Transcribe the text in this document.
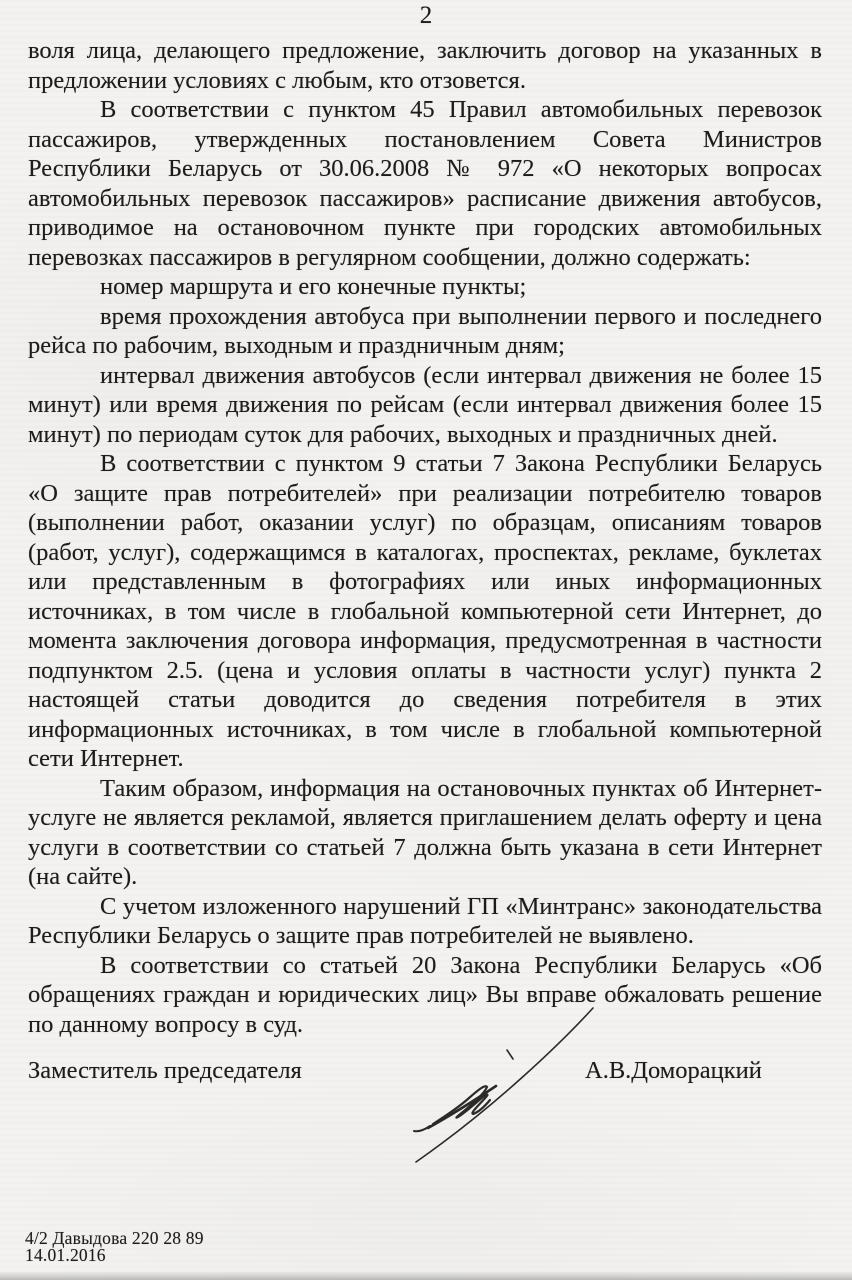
2

воля лица, делающего предложение, заключить договор на указанных в предложении условиях с любым, кто отзовется.

В соответствии с пунктом 45 Правил автомобильных перевозок пассажиров, утвержденных постановлением Совета Министров Республики Беларусь от 30.06.2008 № 972 «О некоторых вопросах автомобильных перевозок пассажиров» расписание движения автобусов, приводимое на остановочном пункте при городских автомобильных перевозках пассажиров в регулярном сообщении, должно содержать:

номер маршрута и его конечные пункты;

время прохождения автобуса при выполнении первого и последнего рейса по рабочим, выходным и праздничным дням;

интервал движения автобусов (если интервал движения не более 15 минут) или время движения по рейсам (если интервал движения более 15 минут) по периодам суток для рабочих, выходных и праздничных дней.

В соответствии с пунктом 9 статьи 7 Закона Республики Беларусь «О защите прав потребителей» при реализации потребителю товаров (выполнении работ, оказании услуг) по образцам, описаниям товаров (работ, услуг), содержащимся в каталогах, проспектах, рекламе, буклетах или представленным в фотографиях или иных информационных источниках, в том числе в глобальной компьютерной сети Интернет, до момента заключения договора информация, предусмотренная в частности подпунктом 2.5. (цена и условия оплаты в частности услуг) пункта 2 настоящей статьи доводится до сведения потребителя в этих информационных источниках, в том числе в глобальной компьютерной сети Интернет.

Таким образом, информация на остановочных пунктах об Интернет-услуге не является рекламой, является приглашением делать оферту и цена услуги в соответствии со статьей 7 должна быть указана в сети Интернет (на сайте).

С учетом изложенного нарушений ГП «Минтранс» законодательства Республики Беларусь о защите прав потребителей не выявлено.

В соответствии со статьей 20 Закона Республики Беларусь «Об обращениях граждан и юридических лиц» Вы вправе обжаловать решение по данному вопросу в суд.

Заместитель председателя	А.В.Доморацкий
4/2 Давыдова 220 28 89
14.01.2016
